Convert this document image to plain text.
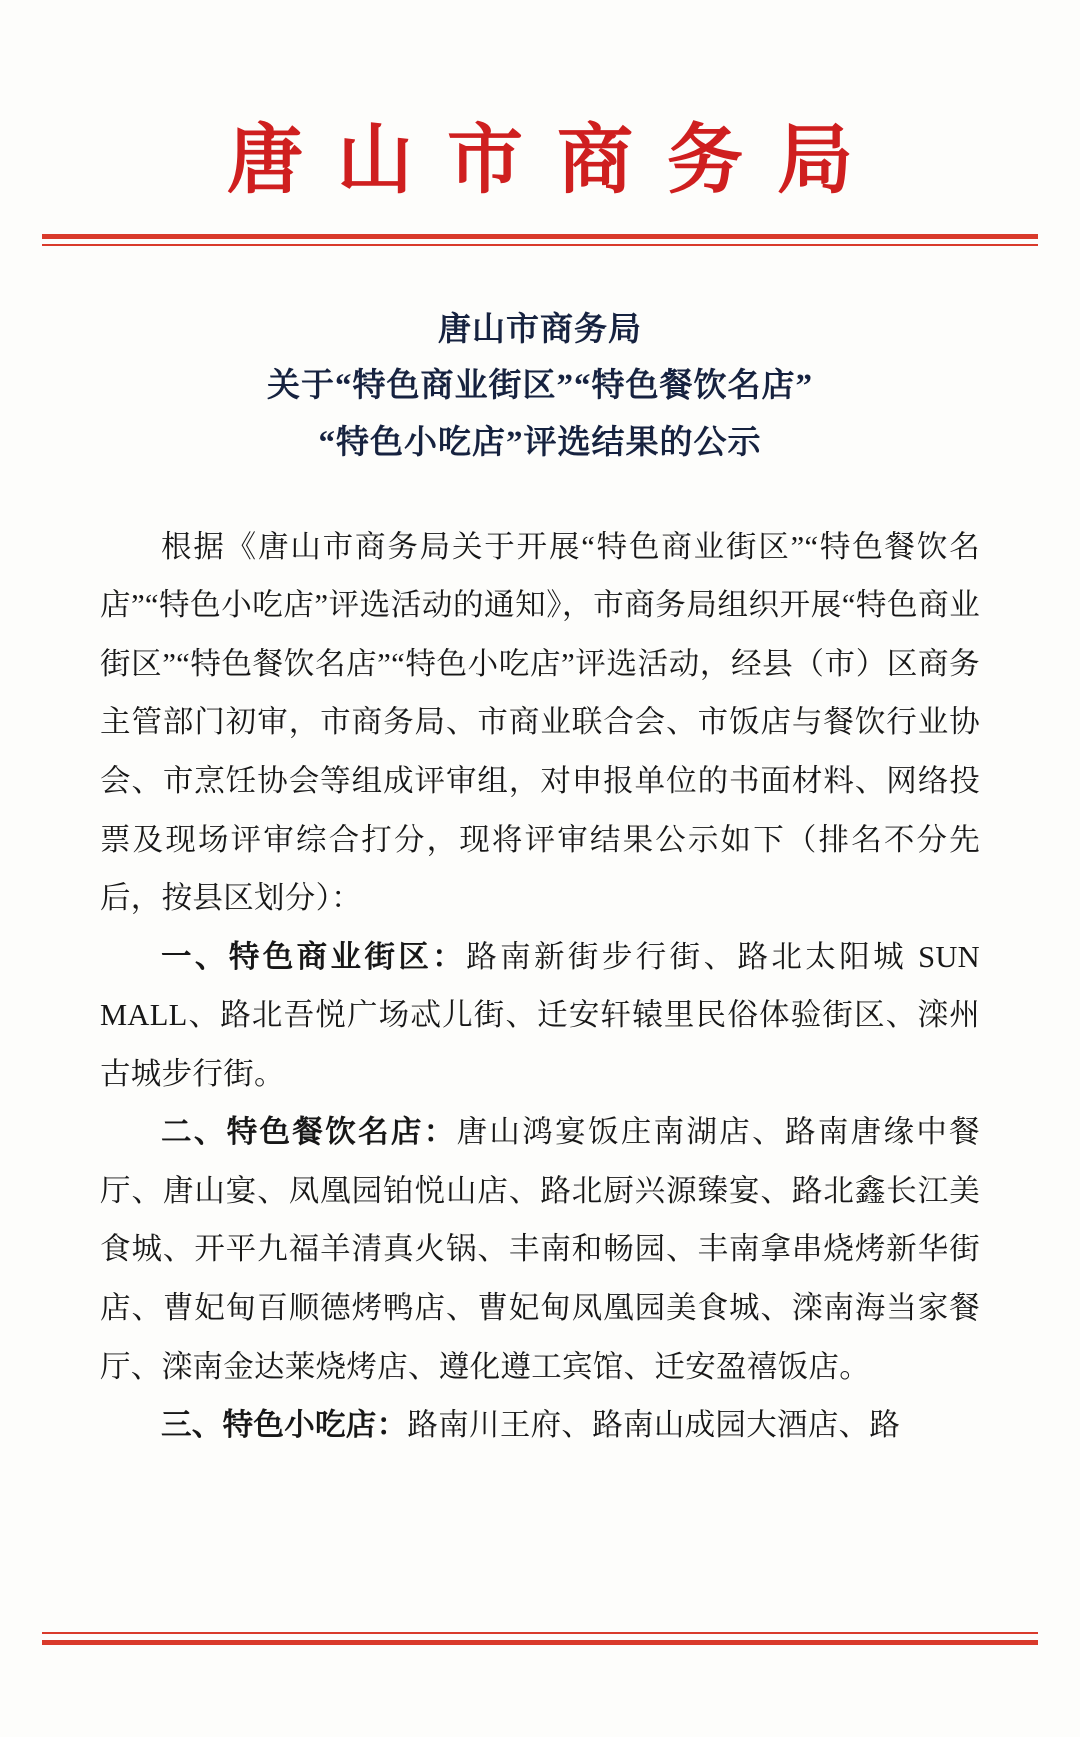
唐山市商务局
唐山市商务局
关于“特色商业街区”“特色餐饮名店”
“特色小吃店”评选结果的公示

根据《唐山市商务局关于开展“特色商业街区”“特色餐饮名店”“特色小吃店”评选活动的通知》，市商务局组织开展“特色商业街区”“特色餐饮名店”“特色小吃店”评选活动，经县（市）区商务主管部门初审，市商务局、市商业联合会、市饭店与餐饮行业协会、市烹饪协会等组成评审组，对申报单位的书面材料、网络投票及现场评审综合打分，现将评审结果公示如下（排名不分先后，按县区划分）：

一、特色商业街区：路南新街步行街、路北太阳城 SUN MALL、路北吾悦广场忒儿街、迁安轩辕里民俗体验街区、滦州古城步行街。

二、特色餐饮名店：唐山鸿宴饭庄南湖店、路南唐缘中餐厅、唐山宴、凤凰园铂悦山店、路北厨兴源臻宴、路北鑫长江美食城、开平九福羊清真火锅、丰南和畅园、丰南拿串烧烤新华街店、曹妃甸百顺德烤鸭店、曹妃甸凤凰园美食城、滦南海当家餐厅、滦南金达莱烧烤店、遵化遵工宾馆、迁安盈禧饭店。

三、特色小吃店：路南川王府、路南山成园大酒店、路
